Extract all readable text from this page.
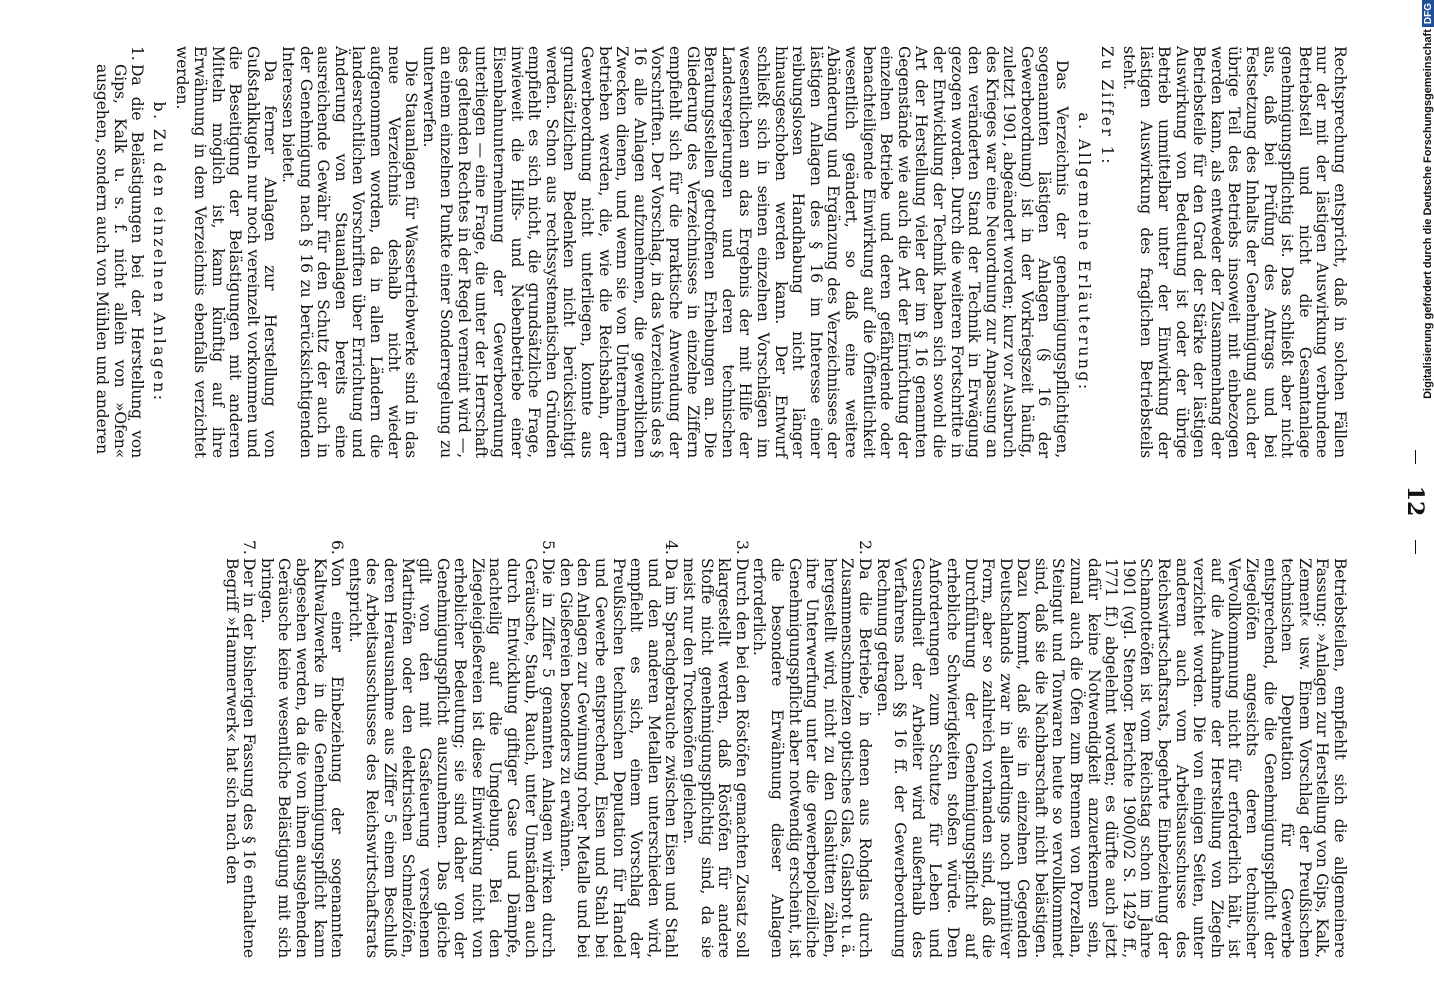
12

Rechtsprechung entspricht, daß in solchen Fällen nur der mit der lästigen Auswirkung verbundene Betriebsteil und nicht die Gesamtanlage genehmigungspflichtig ist. Das schließt aber nicht aus, daß bei Prüfung des Antrags und bei Festsetzung des Inhalts der Genehmigung auch der übrige Teil des Betriebs insoweit mit einbezogen werden kann, als entweder der Zusammenhang der Betriebsteile für den Grad der Stärke der lästigen Auswirkung von Bedeutung ist oder der übrige Betrieb unmittelbar unter der Einwirkung der lästigen Auswirkung des fraglichen Betriebsteils steht.

Zu Ziffer 1:

a. Allgemeine Erläuterung:

Das Verzeichnis der genehmigungspflichtigen, sogenannten lästigen Anlagen (§ 16 der Gewerbeordnung) ist in der Vorkriegszeit häufig, zuletzt 1901, abgeändert worden; kurz vor Ausbruch des Krieges war eine Neuordnung zur Anpassung an den veränderten Stand der Technik in Erwägung gezogen worden. Durch die weiteren Fortschritte in der Entwicklung der Technik haben sich sowohl die Art der Herstellung vieler der im § 16 genannten Gegenstände wie auch die Art der Einrichtung der einzelnen Betriebe und deren gefährdende oder benachteiligende Einwirkung auf die Öffentlichkeit wesentlich geändert, so daß eine weitere Abänderung und Ergänzung des Verzeichnisses der lästigen Anlagen des § 16 im Interesse einer reibungslosen Handhabung nicht länger hinausgeschoben werden kann. Der Entwurf schließt sich in seinen einzelnen Vorschlägen im wesentlichen an das Ergebnis der mit Hilfe der Landesregierungen und deren technischen Beratungsstellen getroffenen Erhebungen an. Die Gliederung des Verzeichnisses in einzelne Ziffern empfiehlt sich für die praktische Anwendung der Vorschriften. Der Vorschlag, in das Verzeichnis des § 16 alle Anlagen aufzunehmen, die gewerblichen Zwecken dienen, und wenn sie von Unternehmern betrieben werden, die, wie die Reichsbahn, der Gewerbeordnung nicht unterliegen, konnte aus grundsätzlichen Bedenken nicht berücksichtigt werden. Schon aus rechtssystematischen Gründen empfiehlt es sich nicht, die grundsätzliche Frage, inwieweit die Hilfs- und Nebenbetriebe einer Eisenbahnunternehmung der Gewerbeordnung unterliegen — eine Frage, die unter der Herrschaft des geltenden Rechtes in der Regel verneint wird —, an einem einzelnen Punkte einer Sonderregelung zu unterwerfen.

Die Stauanlagen für Wassertriebwerke sind in das neue Verzeichnis deshalb nicht wieder aufgenommen worden, da in allen Ländern die landesrechtlichen Vorschriften über Errichtung und Änderung von Stauanlagen bereits eine ausreichende Gewähr für den Schutz der auch in der Genehmigung nach § 16 zu berücksichtigenden Interessen bietet.

Da ferner Anlagen zur Herstellung von Gußstahlkugeln nur noch vereinzelt vorkommen und die Beseitigung der Belästigungen mit anderen Mitteln möglich ist, kann künftig auf ihre Erwähnung in dem Verzeichnis ebenfalls verzichtet werden.

b. Zu den einzelnen Anlagen:

1.
Da die Belästigungen bei der Herstellung von Gips, Kalk u. s. f. nicht allein von »Öfen« ausgehen, sondern auch von Mühlen und anderen

Betriebsteilen, empfiehlt sich die allgemeinere Fassung: »Anlagen zur Herstellung von Gips, Kalk, Zement« usw. Einem Vorschlag der Preußischen technischen Deputation für Gewerbe entsprechend, die die Genehmigungspflicht der Ziegelöfen angesichts deren technischer Vervollkommnung nicht für erforderlich hält, ist auf die Aufnahme der Herstellung von Ziegeln verzichtet worden. Die von einigen Seiten, unter anderem auch vom Arbeitsausschusse des Reichswirtschaftsrats, begehrte Einbeziehung der Schamotteöfen ist vom Reichstag schon im Jahre 1901 (vgl. Stenogr. Berichte 1900/02 S. 1429 ff., 1771 ff.) abgelehnt worden; es dürfte auch jetzt dafür keine Notwendigkeit anzuerkennen sein, zumal auch die Öfen zum Brennen von Porzellan, Steingut und Tonwaren heute so vervollkommnet sind, daß sie die Nachbarschaft nicht belästigen. Dazu kommt, daß sie in einzelnen Gegenden Deutschlands zwar in allerdings noch primitiver Form, aber so zahlreich vorhanden sind, daß die Durchführung der Genehmigungspflicht auf erhebliche Schwierigkeiten stoßen würde. Den Anforderungen zum Schutze für Leben und Gesundheit der Arbeiter wird außerhalb des Verfahrens nach §§ 16 ff. der Gewerbeordnung Rechnung getragen.

2.
Da die Betriebe, in denen aus Rohglas durch Zusammenschmelzen optisches Glas, Glasbrot u. ä. hergestellt wird, nicht zu den Glashütten zählen, ihre Unterwerfung unter die gewerbepolizeiliche Genehmigungspflicht aber notwendig erscheint, ist die besondere Erwähnung dieser Anlagen erforderlich.
3.
Durch den bei den Röstöfen gemachten Zusatz soll klargestellt werden, daß Röstöfen für andere Stoffe nicht genehmigungspflichtig sind, da sie meist nur den Trockenöfen gleichen.
4.
Da im Sprachgebrauche zwischen Eisen und Stahl und den anderen Metallen unterschieden wird, empfiehlt es sich, einem Vorschlag der Preußischen technischen Deputation für Handel und Gewerbe entsprechend, Eisen und Stahl bei den Anlagen zur Gewinnung roher Metalle und bei den Gießereien besonders zu erwähnen.
5.
Die in Ziffer 5 genannten Anlagen wirken durch Geräusche, Staub, Rauch, unter Umständen auch durch Entwicklung giftiger Gase und Dämpfe, nachteilig auf die Umgebung. Bei den Ziegeleigießereien ist diese Einwirkung nicht von erheblicher Bedeutung; sie sind daher von der Genehmigungspflicht auszunehmen. Das gleiche gilt von den mit Gasfeuerung versehenen Martinöfen oder den elektrischen Schmelzöfen, deren Herausnahme aus Ziffer 5 einem Beschluß des Arbeitsausschusses des Reichswirtschaftsrats entspricht.
6.
Von einer Einbeziehung der sogenannten Kaltwalzwerke in die Genehmigungspflicht kann abgesehen werden, da die von ihnen ausgehenden Geräusche keine wesentliche Belästigung mit sich bringen.
7.
Der in der bisherigen Fassung des § 16 enthaltene Begriff »Hammerwerk« hat sich nach den
Digitalisierung gefördert durch die Deutsche ForschungsgemeinschaftDFG
